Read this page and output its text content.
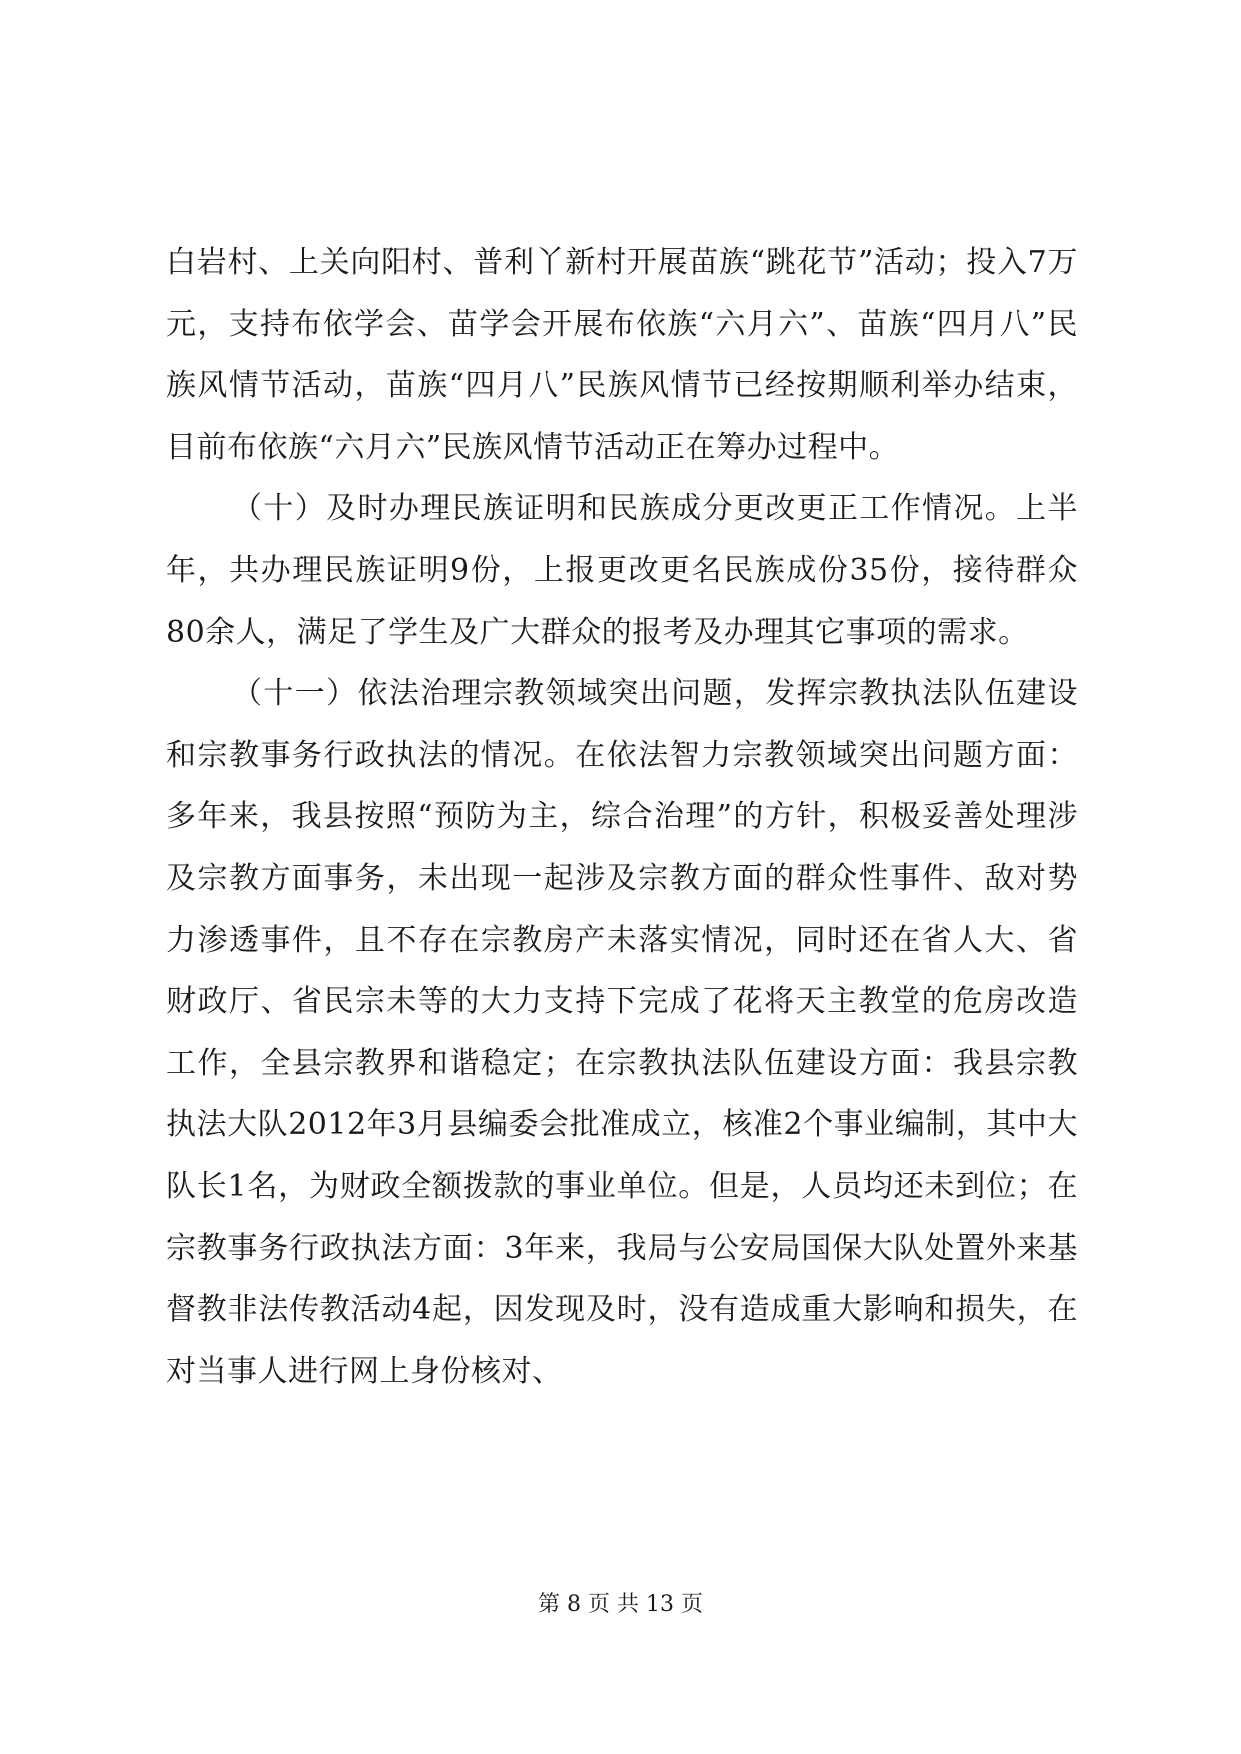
白岩村、上关向阳村、普利丫新村开展苗族“跳花节”活动；投入7万元，支持布依学会、苗学会开展布依族“六月六”、苗族“四月八”民族风情节活动，苗族“四月八”民族风情节已经按期顺利举办结束，目前布依族“六月六”民族风情节活动正在筹办过程中。

（十）及时办理民族证明和民族成分更改更正工作情况。上半年，共办理民族证明9份，上报更改更名民族成份35份，接待群众80余人，满足了学生及广大群众的报考及办理其它事项的需求。

（十一）依法治理宗教领域突出问题，发挥宗教执法队伍建设和宗教事务行政执法的情况。在依法智力宗教领域突出问题方面：多年来，我县按照“预防为主，综合治理”的方针，积极妥善处理涉及宗教方面事务，未出现一起涉及宗教方面的群众性事件、敌对势力渗透事件，且不存在宗教房产未落实情况，同时还在省人大、省财政厅、省民宗未等的大力支持下完成了花将天主教堂的危房改造工作，全县宗教界和谐稳定；在宗教执法队伍建设方面：我县宗教执法大队2012年3月县编委会批准成立，核准2个事业编制，其中大队长1名，为财政全额拨款的事业单位。但是，人员均还未到位；在宗教事务行政执法方面：3年来，我局与公安局国保大队处置外来基督教非法传教活动4起，因发现及时，没有造成重大影响和损失，在对当事人进行网上身份核对、

第 8 页 共 13 页
